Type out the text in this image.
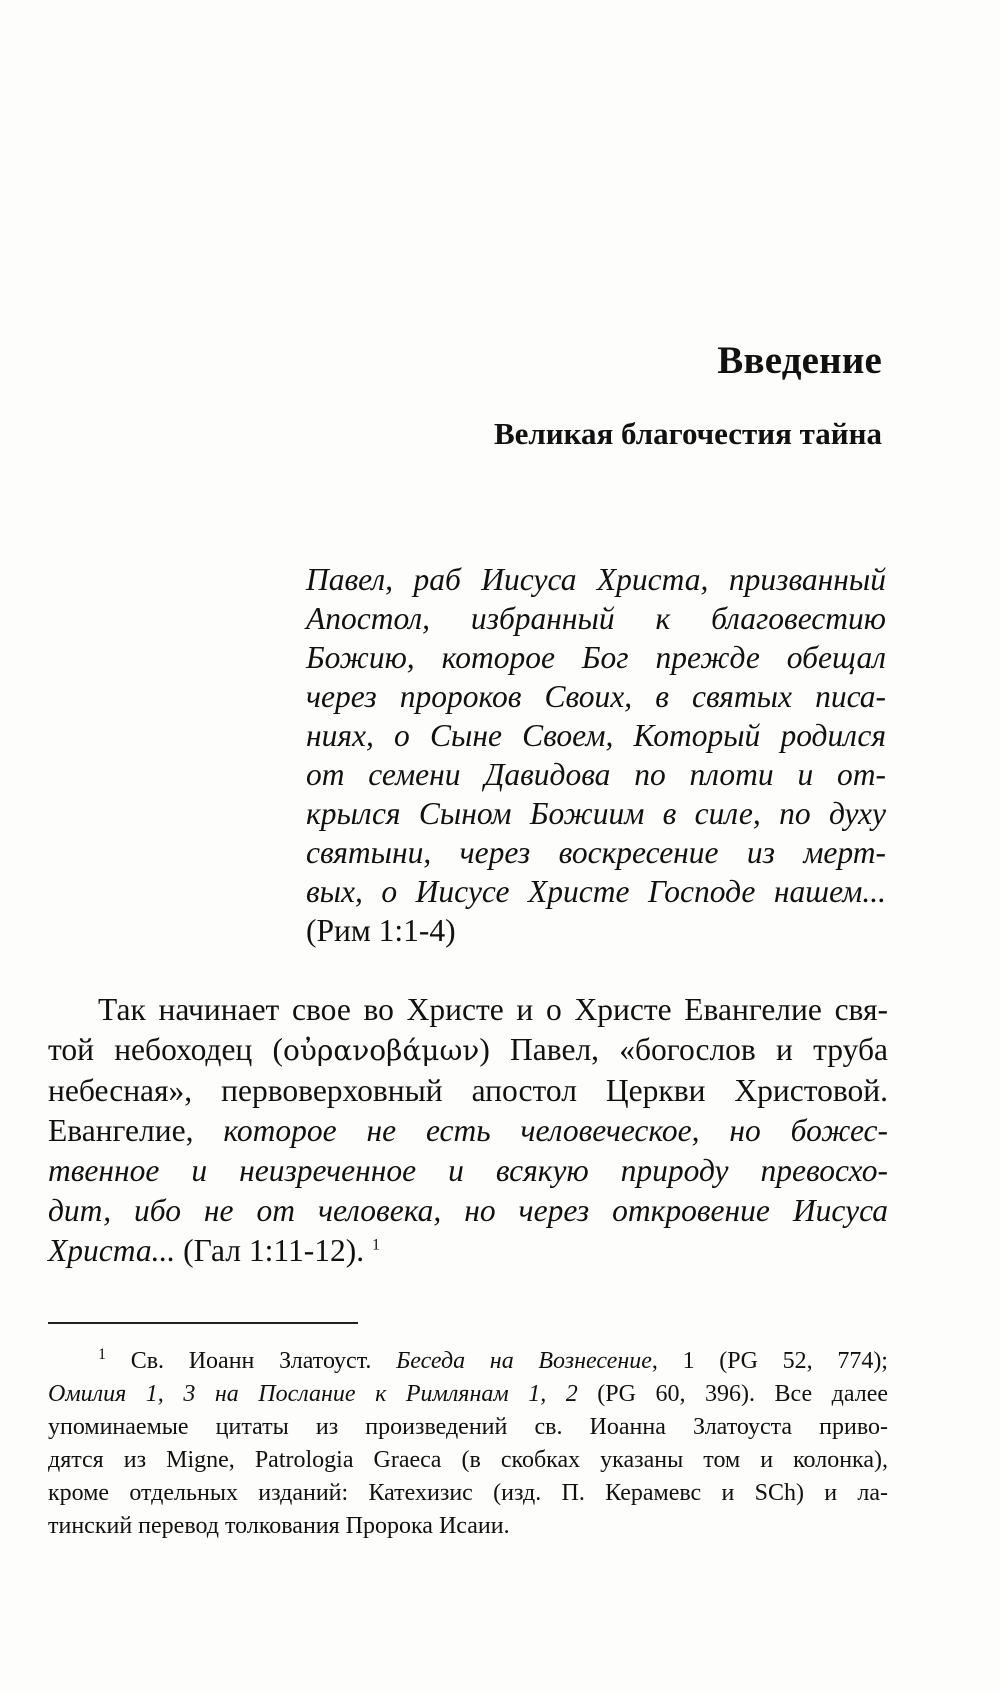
Введение
Великая благочестия тайна
Павел, раб Иисуса Христа, призванный
Апостол, избранный к благовестию
Божию, которое Бог прежде обещал
через пророков Своих, в святых писа-
ниях, о Сыне Своем, Который родился
от семени Давидова по плоти и от-
крылся Сыном Божиим в силе, по духу
святыни, через воскресение из мерт-
вых, о Иисусе Христе Господе нашем...
(Рим 1:1-4)
Так начинает свое во Христе и о Христе Евангелие свя-
той небоходец (οὐρανοβάμων) Павел, «богослов и труба
небесная», первоверховный апостол Церкви Христовой.
Евангелие, которое не есть человеческое, но божес-
твенное и неизреченное и всякую природу превосхо-
дит, ибо не от человека, но через откровение Иисуса
Христа... (Гал 1:11-12). $^1$
$^1$ Св. Иоанн Златоуст. Беседа на Вознесение, 1 (PG 52, 774);
Омилия 1, 3 на Послание к Римлянам 1, 2 (PG 60, 396). Все далее
упоминаемые цитаты из произведений св. Иоанна Златоуста приво-
дятся из Migne, Patrologia Graeca (в скобках указаны том и колонка),
кроме отдельных изданий: Катехизис (изд. П. Керамевс и SCh) и ла-
тинский перевод толкования Пророка Исаии.
